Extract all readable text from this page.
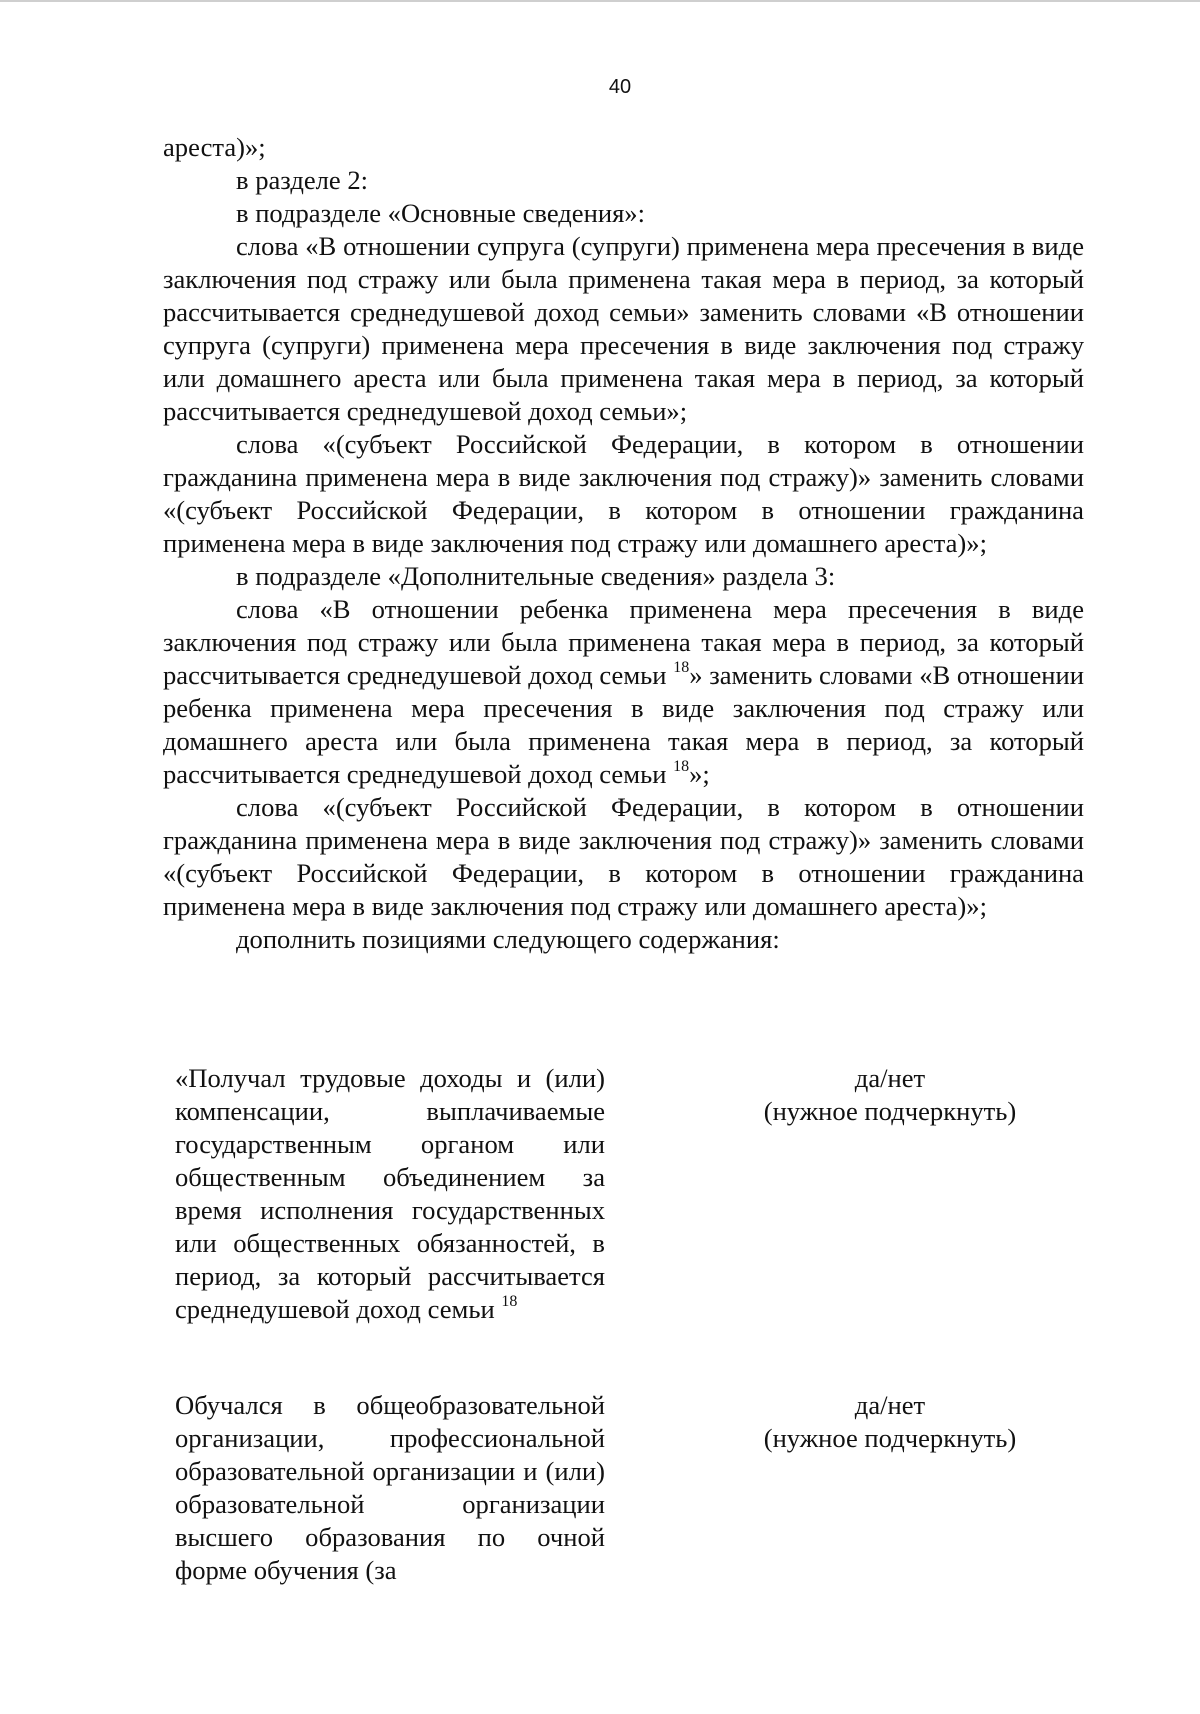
40

ареста)»;

в разделе 2:

в подразделе «Основные сведения»:

слова «В отношении супруга (супруги) применена мера пресечения в виде заключения под стражу или была применена такая мера в период, за который рассчитывается среднедушевой доход семьи» заменить словами «В отношении супруга (супруги) применена мера пресечения в виде заключения под стражу или домашнего ареста или была применена такая мера в период, за который рассчитывается среднедушевой доход семьи»;

слова «(субъект Российской Федерации, в котором в отношении гражданина применена мера в виде заключения под стражу)» заменить словами «(субъект Российской Федерации, в котором в отношении гражданина применена мера в виде заключения под стражу или домашнего ареста)»;

в подразделе «Дополнительные сведения» раздела 3:

слова «В отношении ребенка применена мера пресечения в виде заключения под стражу или была применена такая мера в период, за который рассчитывается среднедушевой доход семьи $^{18}$» заменить словами «В отношении ребенка применена мера пресечения в виде заключения под стражу или домашнего ареста или была применена такая мера в период, за который рассчитывается среднедушевой доход семьи $^{18}$»;

слова «(субъект Российской Федерации, в котором в отношении гражданина применена мера в виде заключения под стражу)» заменить словами «(субъект Российской Федерации, в котором в отношении гражданина применена мера в виде заключения под стражу или домашнего ареста)»;

дополнить позициями следующего содержания:

«Получал трудовые доходы и (или) компенсации, выплачиваемые государственным органом или общественным объединением за время исполнения государственных или общественных обязанностей, в период, за который рассчитывается среднедушевой доход семьи $^{18}$
да/нет
(нужное подчеркнуть)
Обучался в общеобразовательной организации, профессиональной образовательной организации и (или) образовательной организации высшего образования по очной форме обучения (за
да/нет
(нужное подчеркнуть)
